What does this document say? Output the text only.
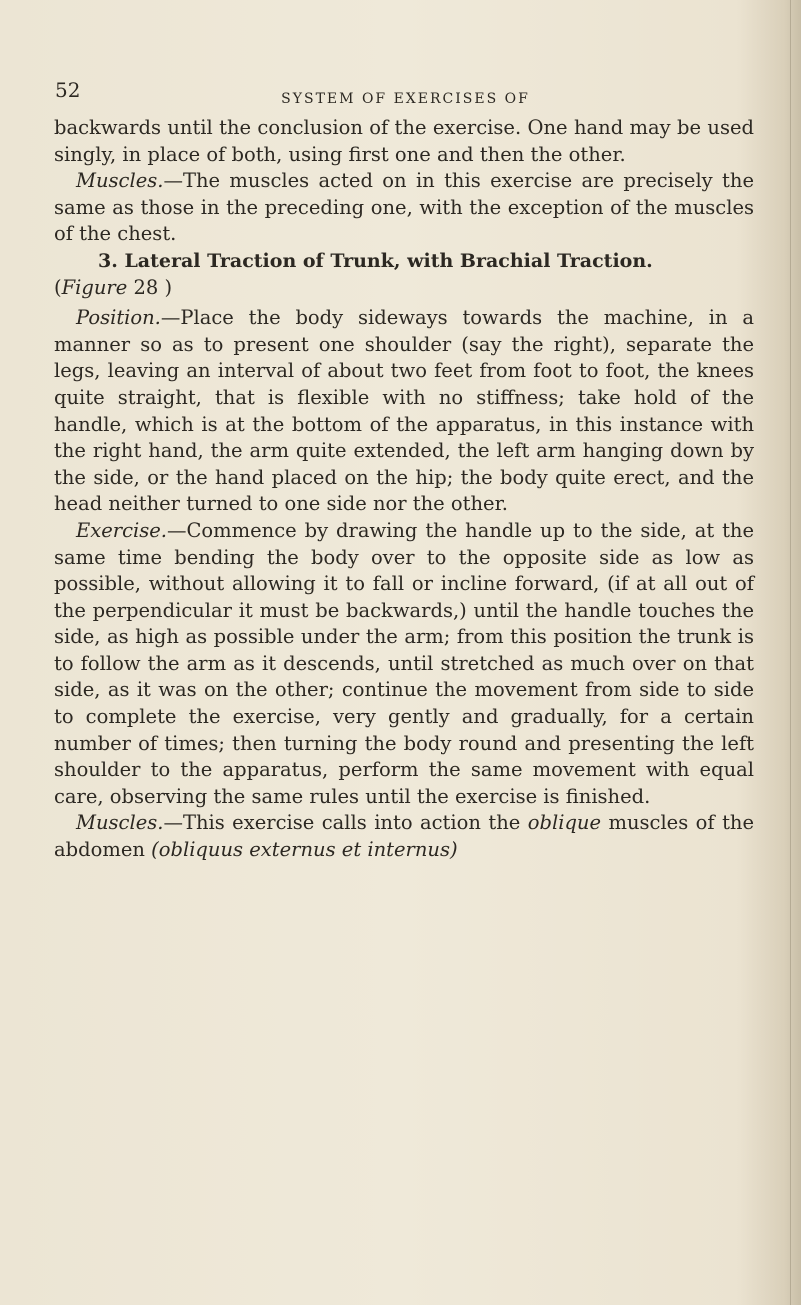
52	SYSTEM OF EXERCISES OF

backwards until the conclusion of the exercise. One hand may be used singly, in place of both, using first one and then the other.

Muscles.—The muscles acted on in this exercise are precisely the same as those in the preceding one, with the exception of the muscles of the chest.

3. Lateral Traction of Trunk, with Brachial Traction.

(Figure 28 )

Position.—Place the body sideways towards the machine, in a manner so as to present one shoulder (say the right), separate the legs, leaving an interval of about two feet from foot to foot, the knees quite straight, that is flexible with no stiffness; take hold of the handle, which is at the bottom of the apparatus, in this instance with the right hand, the arm quite extended, the left arm hanging down by the side, or the hand placed on the hip; the body quite erect, and the head neither turned to one side nor the other.

Exercise.—Commence by drawing the handle up to the side, at the same time bending the body over to the opposite side as low as possible, without allowing it to fall or incline forward, (if at all out of the perpendicular it must be backwards,) until the handle touches the side, as high as possible under the arm; from this position the trunk is to follow the arm as it descends, until stretched as much over on that side, as it was on the other; continue the movement from side to side to complete the exercise, very gently and gradually, for a certain number of times; then turning the body round and presenting the left shoulder to the apparatus, perform the same movement with equal care, observing the same rules until the exercise is finished.

Muscles.—This exercise calls into action the oblique muscles of the abdomen (obliquus externus et internus)
